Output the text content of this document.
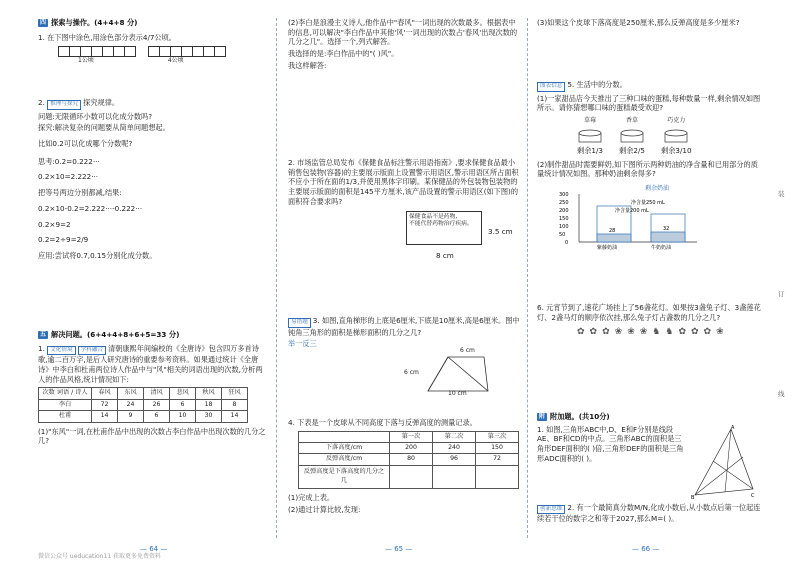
四 探索与操作。(4+4+8 分)

1. 在下图中涂色,用涂色部分表示4/7公顷。

1公顷	4公顷

2. 推理与探究 探究规律。

问题:无限循环小数可以化成分数吗?

探究:解决复杂的问题要从简单问题想起。

比如0.2可以化成哪个分数呢?

思考:0.2=0.222···

0.2×10=2.222···

把等号两边分别都减,结果:

0.2×10-0.2=2.222···-0.222···

0.2×9=2

0.2=2÷9=2/9

应用:尝试将0.7,0.15分别化成分数。

五 解决问题。(6+4+4+8+6+5=33 分)

1. 文化情境 学科融合 清朝康熙年间编校的《全唐诗》包含四万多首诗歌,逾二百万字,是后人研究唐诗的重要参考资料。如果通过统计《全唐诗》中李白和杜甫两位诗人作品中与"风"相关的词语出现的次数,分析两人的作品风格,统计情况如下:

次数 词语 / 诗人	春风	东风	清风	悲风	秋风	狂风
李白	72	24	26	6	18	8
杜甫	14	9	6	10	30	14

(1)"东风"一词,在杜甫作品中出现的次数占李白作品中出现次数的几分之几?

(2)李白是浪漫主义诗人,他作品中"春风"一词出现的次数最多。根据表中的信息,可以解决"李白作品中其他'风'一词出现的次数占'春风'出现次数的几分之几"。选择一个,列式解答。

我选择的是:李白作品中的"( )风"。

我这样解答:

2. 市场监管总局发布《保健食品标注警示用语指南》,要求保健食品最小销售包装物(容器)的主要展示版面上设置警示用语区,警示用语区所占面积不应小于所在面的1/3,并使用黑体字印刷。某保健品的外包装物包装物的主要展示版面的面积是145平方厘米,该产品设置的警示用语区(如下图)的面积符合要求吗?

保健食品不是药物,
不能代替药物治疗疾病。
3.5 cm
8 cm

易错题 3. 如图,直角梯形的上底是6厘米,下底是10厘米,高是6厘米。图中钝角三角形的面积是梯形面积的几分之几?

举一反三

6 cm
6 cm
10 cm

4. 下表是一个皮球从不同高度下落与反弹高度的测量记录。

	第一次	第二次	第三次
下落高度/cm	200	240	150
反弹高度/cm	80	96	72
反弹高度是下落高度的几分之几			

(1)完成上表。

(2)通过计算比较,发现:

(3)如果这个皮球下落高度是250厘米,那么反弹高度是多少厘米?

图表信息 5. 生活中的分数。

(1)一家甜品店今天推出了三种口味的蛋糕,每种数量一样,剩余情况如图所示。请你猜想哪口味的蛋糕最受欢迎?

草莓
剩余1/3
香草
剩余2/5
巧克力
剩余3/10

(2)制作甜品时需要鲜奶,如下图所示两种奶油的净含量和已用部分的质量统计情况如图。那种奶油剩余得多?

剩余奶油
300
250
200
150
100
50
0
净含量250 mL
净含量200 mL
28	32
紫藤奶油	牛奶奶油

6. 元宵节到了,速花广场挂上了56盏花灯。如果按3盏兔子灯、3盏莲花灯、2盏马灯的顺序依次挂,那么兔子灯占盏数的几分之几?

✿ ✿ ✿ ❀ ❀ ❀ ♞ ♞ ✿ ✿ ✿ ❀
附 附加题。(共10分)

1. 如图,三角形ABC中,D、E和F分别是线段AE、BF和CD的中点。三角形ABC的面积是三角形DEF面积的( )倍,三角形DEF的面积是三角形ADC面积的( )。

A
B	C

创新思维 2. 有一个最简真分数M/N,化成小数后,从小数点后第一位起连续若干位的数字之和等于2027,那么M=( )。

— 64 —	— 65 —	— 66 —
微信公众号 ueducation11 获取更多免费资料
装
订
线
